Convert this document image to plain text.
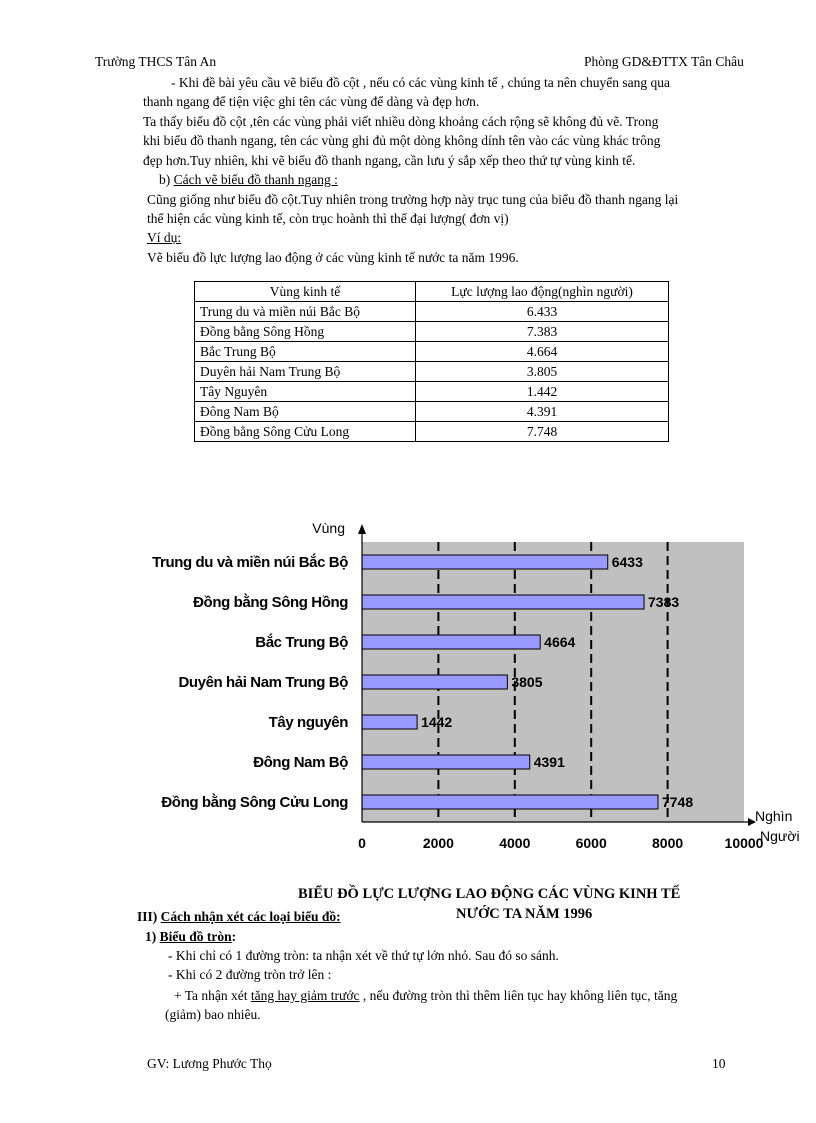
Trường THCS Tân An	Phòng GD&ĐTTX Tân Châu
- Khi đề bài yêu cầu vẽ biểu đồ cột , nếu có các vùng kinh tế , chúng ta nên chuyển sang qua
thanh ngang để tiện việc ghi tên các vùng để dàng và đẹp hơn.
Ta thấy biểu đồ cột ,tên các vùng phải viết nhiều dòng khoảng cách rộng sẽ không đủ vẽ. Trong
khi biểu đồ thanh ngang, tên các vùng ghi đủ một dòng không dính tên vào các vùng khác trông
đẹp hơn.Tuy nhiên, khi vẽ biểu đồ thanh ngang, cần lưu ý sắp xếp theo thứ tự vùng kinh tế.
b) Cách vẽ biểu đồ thanh ngang :
Cũng giống như biểu đồ cột.Tuy nhiên trong trường hợp này trục tung của biểu đồ thanh ngang lại
thể hiện các vùng kinh tế, còn trục hoành thì thể đại lượng( đơn vị)
Ví dụ:
Vẽ biểu đồ lực lượng lao động ở các vùng kinh tế nước ta năm 1996.
Vùng kinh tế	Lực lượng lao động(nghìn người)
Trung du và miền núi Bắc Bộ	6.433
Đồng bằng Sông Hồng	7.383
Bắc Trung Bộ	4.664
Duyên hải Nam Trung Bộ	3.805
Tây Nguyên	1.442
Đông Nam Bộ	4.391
Đồng bằng Sông Cửu Long	7.748
6433
Trung du và miền núi Bắc Bộ
7383
Đồng bằng Sông Hồng
4664
Bắc Trung Bộ
3805
Duyên hải Nam Trung Bộ
1442
Tây nguyên
4391
Đông Nam Bộ
7748
Đồng bằng Sông Cửu Long
0	2000	4000	6000	8000	10000
Vùng
Nghìn
Người
BIỂU ĐỒ LỰC LƯỢNG LAO ĐỘNG CÁC VÙNG KINH TẾ
NƯỚC TA NĂM 1996
III) Cách nhận xét các loại biểu đồ:
1) Biểu đồ tròn:
- Khi chỉ có 1 đường tròn: ta nhận xét về thứ tự lớn nhỏ. Sau đó so sánh.
- Khi có 2 đường tròn trở lên :
+ Ta nhận xét tăng hay giảm trước , nếu đường tròn thì thêm liên tục hay không liên tục, tăng
(giảm) bao nhiêu.
GV: Lương Phước Thọ	10
